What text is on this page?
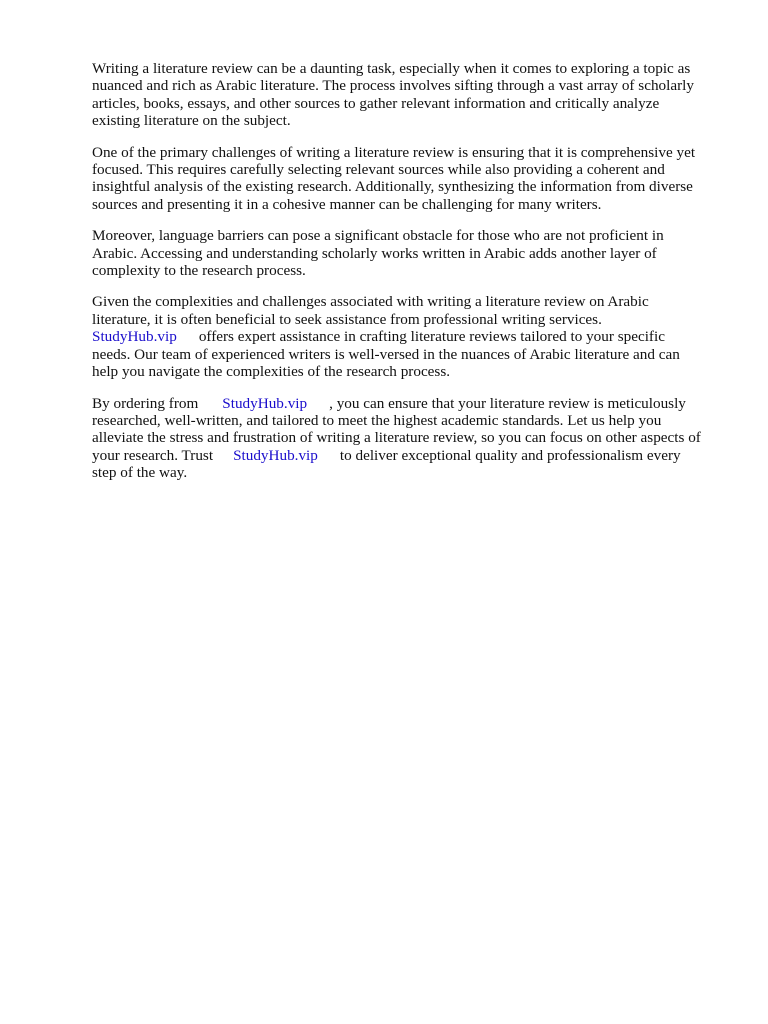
Writing a literature review can be a daunting task, especially when it comes to exploring a topic as
nuanced and rich as Arabic literature. The process involves sifting through a vast array of scholarly
articles, books, essays, and other sources to gather relevant information and critically analyze
existing literature on the subject.

One of the primary challenges of writing a literature review is ensuring that it is comprehensive yet
focused. This requires carefully selecting relevant sources while also providing a coherent and
insightful analysis of the existing research. Additionally, synthesizing the information from diverse
sources and presenting it in a cohesive manner can be challenging for many writers.

Moreover, language barriers can pose a significant obstacle for those who are not proficient in
Arabic. Accessing and understanding scholarly works written in Arabic adds another layer of
complexity to the research process.

Given the complexities and challenges associated with writing a literature review on Arabic
literature, it is often beneficial to seek assistance from professional writing services.
StudyHub.vip offers expert assistance in crafting literature reviews tailored to your specific
needs. Our team of experienced writers is well-versed in the nuances of Arabic literature and can
help you navigate the complexities of the research process.

By ordering from StudyHub.vip , you can ensure that your literature review is meticulously
researched, well-written, and tailored to meet the highest academic standards. Let us help you
alleviate the stress and frustration of writing a literature review, so you can focus on other aspects of
your research. Trust StudyHub.vip to deliver exceptional quality and professionalism every
step of the way.
